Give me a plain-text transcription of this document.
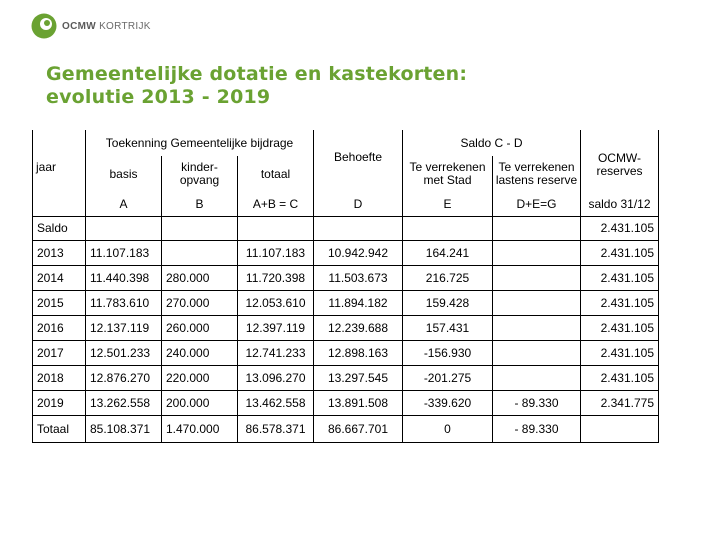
OCMW KORTRIJK
Gemeentelijke dotatie en kastekorten:
evolutie 2013 - 2019
	Toekenning Gemeentelijke bijdrage			Behoefte	Saldo C - D		OCMW-reserves
jaar	basis	kinder-opvang	totaal		Te verrekenen met Stad	Te verrekenen lastens reserve	
	A	B	A+B = C	D	E	D+E=G	saldo 31/12
Saldo							2.431.105
2013	11.107.183		11.107.183	10.942.942	164.241		2.431.105
2014	11.440.398	280.000	11.720.398	11.503.673	216.725		2.431.105
2015	11.783.610	270.000	12.053.610	11.894.182	159.428		2.431.105
2016	12.137.119	260.000	12.397.119	12.239.688	157.431		2.431.105
2017	12.501.233	240.000	12.741.233	12.898.163	-156.930		2.431.105
2018	12.876.270	220.000	13.096.270	13.297.545	-201.275		2.431.105
2019	13.262.558	200.000	13.462.558	13.891.508	-339.620	- 89.330	2.341.775
Totaal	85.108.371	1.470.000	86.578.371	86.667.701	0	- 89.330	
